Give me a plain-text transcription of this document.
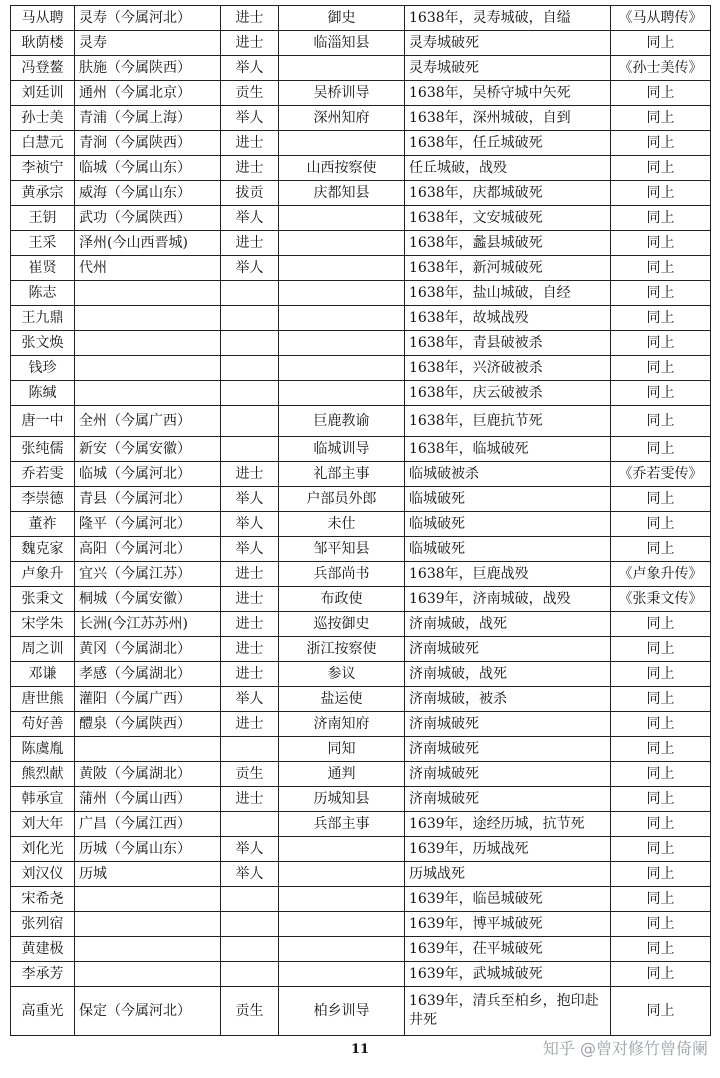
马从聘	灵寿（今属河北）	进士	御史	1638年，灵寿城破，自缢	《马从聘传》
耿荫楼	灵寿	进士	临淄知县	灵寿城破死	同上
冯登鳌	肤施（今属陕西）	举人		灵寿城破死	《孙士美传》
刘廷训	通州（今属北京）	贡生	吴桥训导	1638年，吴桥守城中矢死	同上
孙士美	青浦（今属上海）	举人	深州知府	1638年，深州城破，自到	同上
白慧元	青涧（今属陕西）	进士		1638年，任丘城破死	同上
李祯宁	临城（今属山东）	进士	山西按察使	任丘城破，战殁	同上
黄承宗	威海（今属山东）	拔贡	庆都知县	1638年，庆都城破死	同上
王钥	武功（今属陕西）	举人		1638年，文安城破死	同上
王采	泽州(今山西晋城)	进士		1638年，蠡县城破死	同上
崔贤	代州	举人		1638年，新河城破死	同上
陈志				1638年，盐山城破，自经	同上
王九鼎				1638年，故城战殁	同上
张文焕				1638年，青县破被杀	同上
钱珍				1638年，兴济破被杀	同上
陈缄				1638年，庆云破被杀	同上
唐一中	全州（今属广西）		巨鹿教谕	1638年，巨鹿抗节死	同上
张纯儒	新安（今属安徽）		临城训导	1638年，临城破死	同上
乔若雯	临城（今属河北）	进士	礼部主事	临城破被杀	《乔若雯传》
李崇德	青县（今属河北）	举人	户部员外郎	临城破死	同上
董祚	隆平（今属河北）	举人	未仕	临城破死	同上
魏克家	高阳（今属河北）	举人	邹平知县	临城破死	同上
卢象升	宜兴（今属江苏）	进士	兵部尚书	1638年，巨鹿战殁	《卢象升传》
张秉文	桐城（今属安徽）	进士	布政使	1639年，济南城破，战殁	《张秉文传》
宋学朱	长洲(今江苏苏州)	进士	巡按御史	济南城破，战死	同上
周之训	黄冈（今属湖北）	进士	浙江按察使	济南城破死	同上
邓谦	孝感（今属湖北）	进士	参议	济南城破，战死	同上
唐世熊	灌阳（今属广西）	举人	盐运使	济南城破，被杀	同上
苟好善	醴泉（今属陕西）	进士	济南知府	济南城破死	同上
陈虞胤			同知	济南城破死	同上
熊烈献	黄陂（今属湖北）	贡生	通判	济南城破死	同上
韩承宣	蒲州（今属山西）	进士	历城知县	济南城破死	同上
刘大年	广昌（今属江西）		兵部主事	1639年，途经历城，抗节死	同上
刘化光	历城（今属山东）	举人		1639年，历城战死	同上
刘汉仪	历城	举人		历城战死	同上
宋希尧				1639年，临邑城破死	同上
张列宿				1639年，博平城破死	同上
黄建极				1639年，茌平城破死	同上
李承芳				1639年，武城城破死	同上
高重光	保定（今属河北）	贡生	柏乡训导	1639年，清兵至柏乡，抱印赴井死	同上
11	知乎 @曾对修竹曾倚阑
